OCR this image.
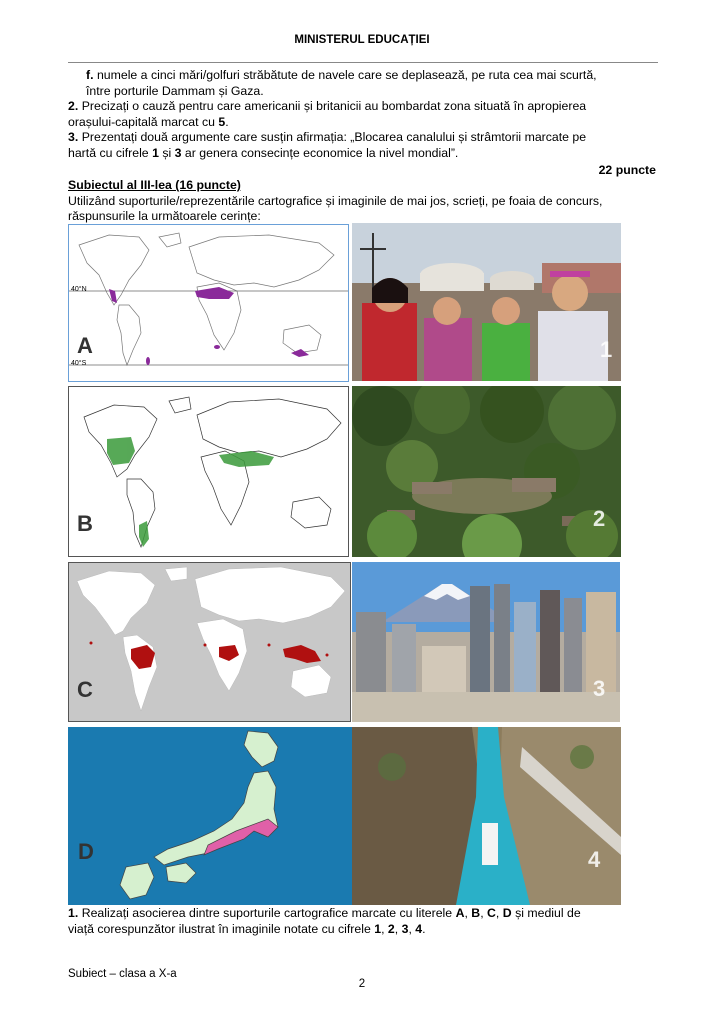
MINISTERUL EDUCAȚIEI
f. numele a cinci mări/golfuri străbătute de navele care se deplasează, pe ruta cea mai scurtă,
între porturile Dammam și Gaza.
2. Precizați o cauză pentru care americanii și britanicii au bombardat zona situată în apropierea
orașului-capitală marcat cu 5.
3. Prezentați două argumente care susțin afirmația: „Blocarea canalului și strâmtorii marcate pe
hartă cu cifrele 1 și 3 ar genera consecințe economice la nivel mondial”.
22 puncte
Subiectul al III-lea (16 puncte)
Utilizând suporturile/reprezentările cartografice și imaginile de mai jos, scrieți, pe foaia de concurs,
răspunsurile la următoarele cerințe:
40°N
40°S
A	1
B	2
C	3
D	4
1. Realizați asocierea dintre suporturile cartografice marcate cu literele A, B, C, D și mediul de
viață corespunzător ilustrat în imaginile notate cu cifrele 1, 2, 3, 4.
Subiect – clasa a X-a
2
